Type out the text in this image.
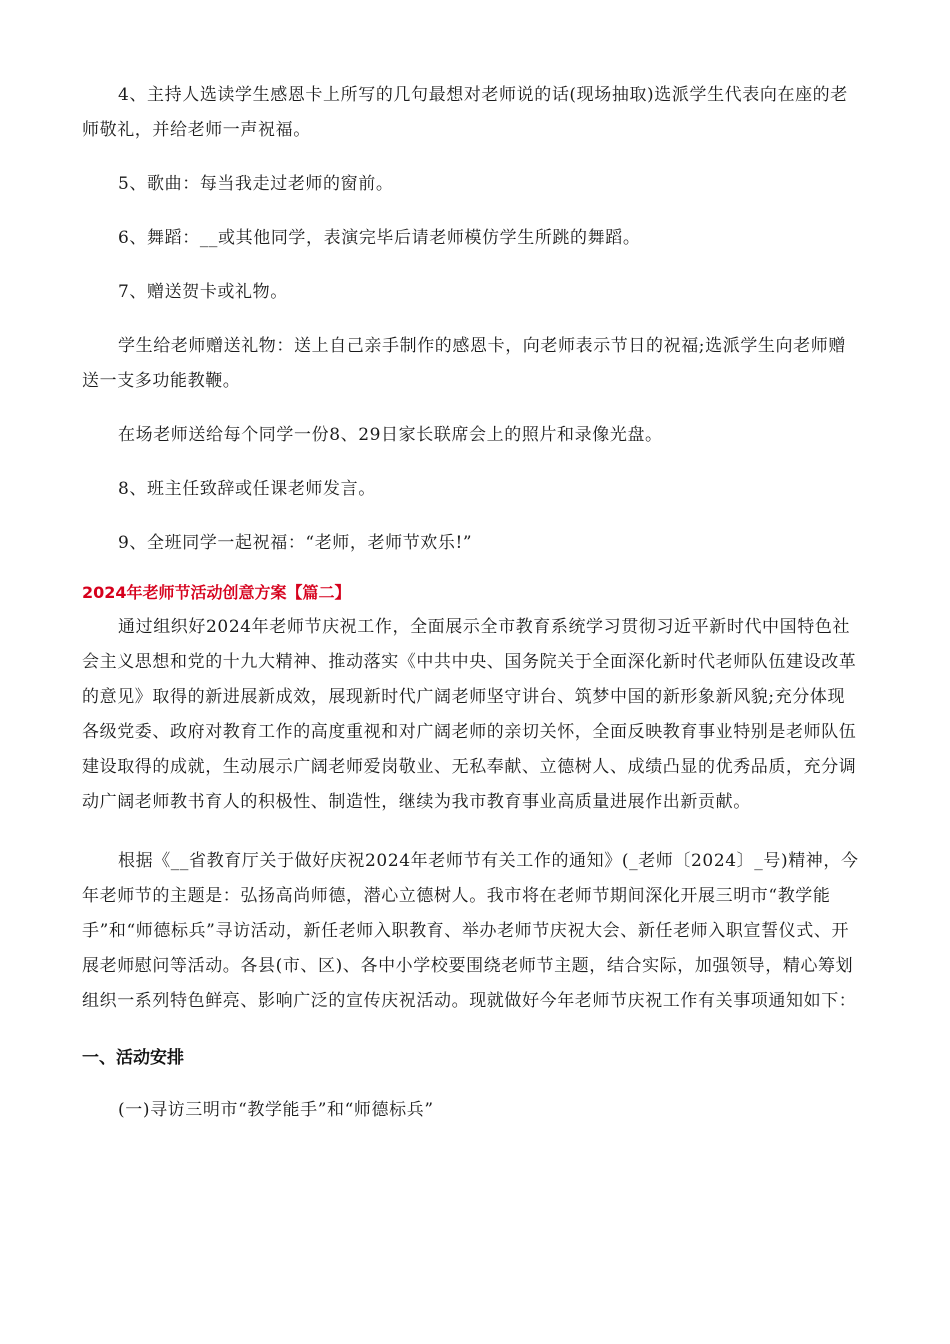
4、主持人选读学生感恩卡上所写的几句最想对老师说的话(现场抽取)选派学生代表向在座的老师敬礼，并给老师一声祝福。

5、歌曲：每当我走过老师的窗前。

6、舞蹈：__或其他同学，表演完毕后请老师模仿学生所跳的舞蹈。

7、赠送贺卡或礼物。

学生给老师赠送礼物：送上自己亲手制作的感恩卡，向老师表示节日的祝福;选派学生向老师赠送一支多功能教鞭。

在场老师送给每个同学一份8、29日家长联席会上的照片和录像光盘。

8、班主任致辞或任课老师发言。

9、全班同学一起祝福：“老师，老师节欢乐!”

2024年老师节活动创意方案【篇二】

通过组织好2024年老师节庆祝工作，全面展示全市教育系统学习贯彻习近平新时代中国特色社会主义思想和党的十九大精神、推动落实《中共中央、国务院关于全面深化新时代老师队伍建设改革的意见》取得的新进展新成效，展现新时代广阔老师坚守讲台、筑梦中国的新形象新风貌;充分体现各级党委、政府对教育工作的高度重视和对广阔老师的亲切关怀，全面反映教育事业特别是老师队伍建设取得的成就，生动展示广阔老师爱岗敬业、无私奉献、立德树人、成绩凸显的优秀品质，充分调动广阔老师教书育人的积极性、制造性，继续为我市教育事业高质量进展作出新贡献。

根据《__省教育厅关于做好庆祝2024年老师节有关工作的通知》(_老师〔2024〕_号)精神，今年老师节的主题是：弘扬高尚师德，潜心立德树人。我市将在老师节期间深化开展三明市“教学能手”和“师德标兵”寻访活动，新任老师入职教育、举办老师节庆祝大会、新任老师入职宣誓仪式、开展老师慰问等活动。各县(市、区)、各中小学校要围绕老师节主题，结合实际，加强领导，精心筹划组织一系列特色鲜亮、影响广泛的宣传庆祝活动。现就做好今年老师节庆祝工作有关事项通知如下：

一、活动安排

(一)寻访三明市“教学能手”和“师德标兵”
